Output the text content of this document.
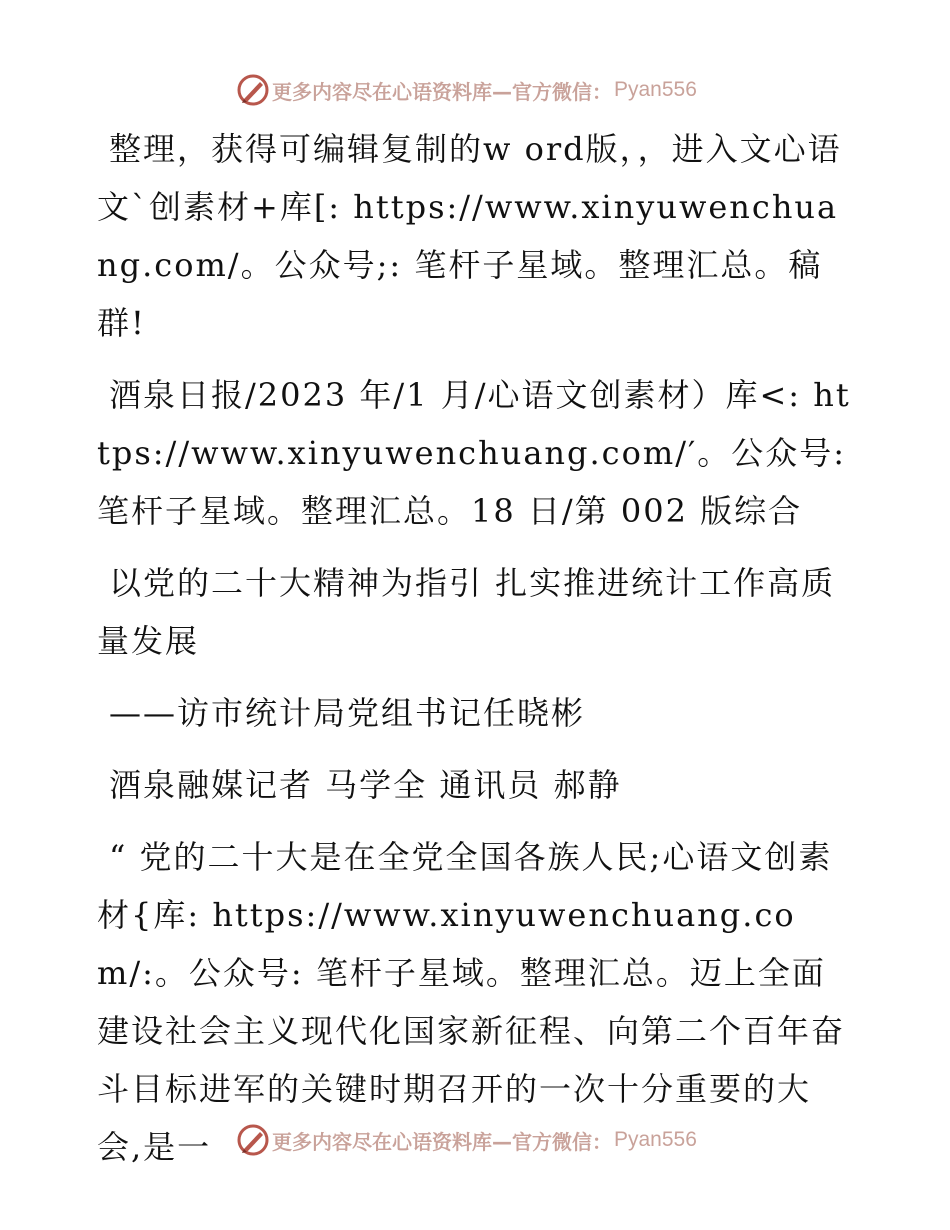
更多内容尽在心语资料库—官方微信： Pyan556

整理，获得可编辑复制的w ord版，，进入文心语文`创素材+库[: https://www.xinyuwenchuang.com/。公众号;: 笔杆子星域。整理汇总。稿群!

酒泉日报/2023 年/1 月/心语文创素材）库<: https://www.xinyuwenchuang.com/′。公众号: 笔杆子星域。整理汇总。18 日/第 002 版综合

以党的二十大精神为指引 扎实推进统计工作高质量发展

——访市统计局党组书记任晓彬

酒泉融媒记者 马学全 通讯员 郝静

“ 党的二十大是在全党全国各族人民;心语文创素材{库: https://www.xinyuwenchuang.com/:。公众号: 笔杆子星域。整理汇总。迈上全面建设社会主义现代化国家新征程、向第二个百年奋斗目标进军的关键时期召开的一次十分重要的大会,是一	更多内容尽在心语资料库—官方微信： Pyan556
